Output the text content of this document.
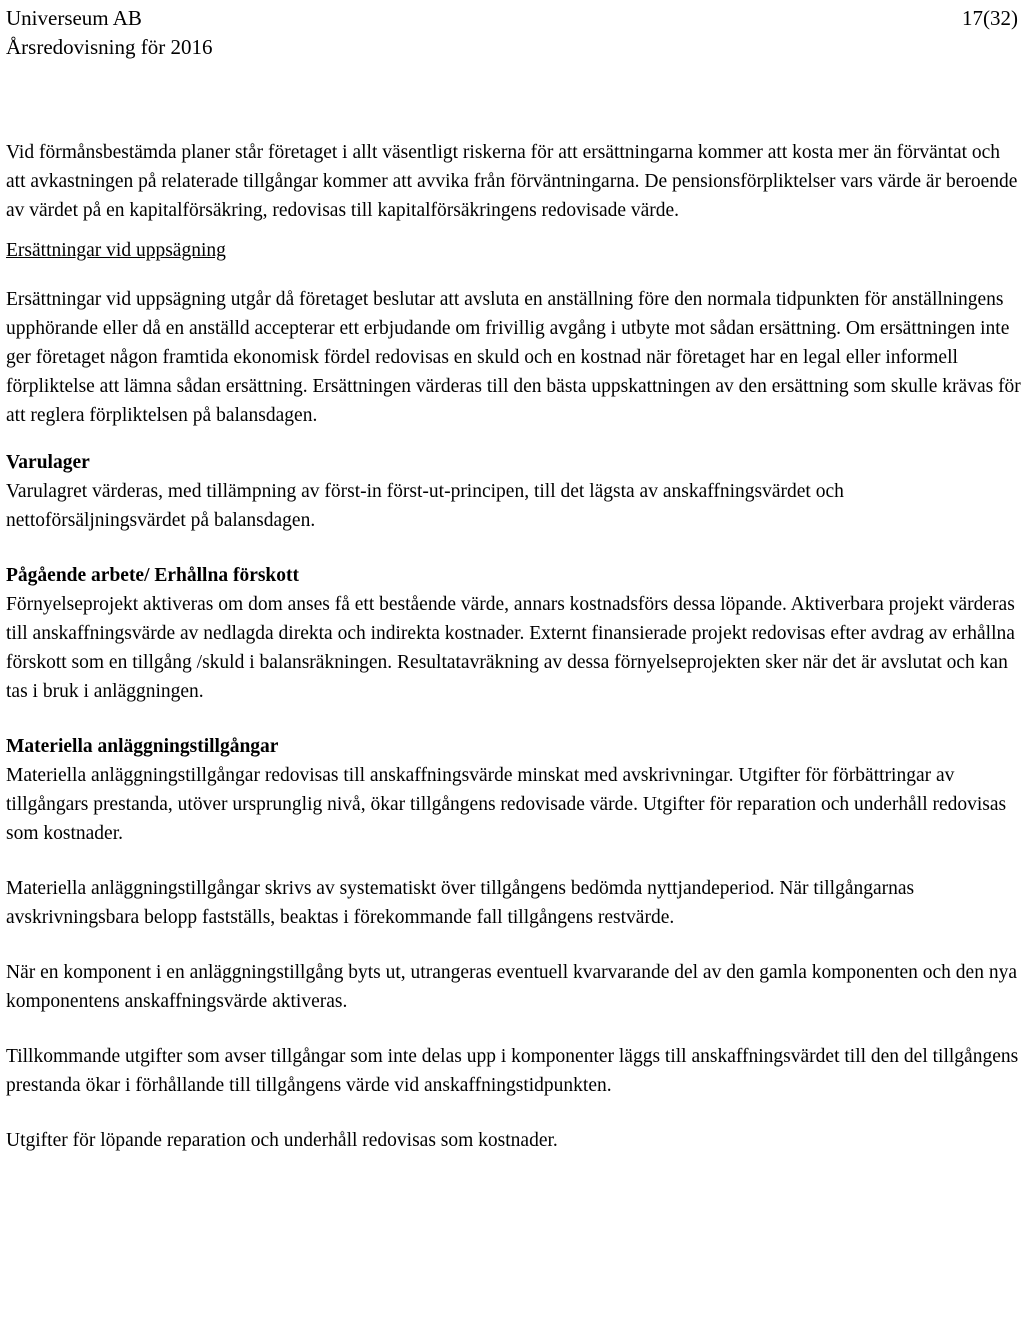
Universeum AB
Årsredovisning för 2016
17(32)

Vid förmånsbestämda planer står företaget i allt väsentligt riskerna för att ersättningarna kommer att kosta mer än förväntat och att avkastningen på relaterade tillgångar kommer att avvika från förväntningarna. De pensionsförpliktelser vars värde är beroende av värdet på en kapitalförsäkring, redovisas till kapitalförsäkringens redovisade värde.

Ersättningar vid uppsägning

Ersättningar vid uppsägning utgår då företaget beslutar att avsluta en anställning före den normala tidpunkten för anställningens upphörande eller då en anställd accepterar ett erbjudande om frivillig avgång i utbyte mot sådan ersättning. Om ersättningen inte ger företaget någon framtida ekonomisk fördel redovisas en skuld och en kostnad när företaget har en legal eller informell förpliktelse att lämna sådan ersättning. Ersättningen värderas till den bästa uppskattningen av den ersättning som skulle krävas för att reglera förpliktelsen på balansdagen.

Varulager

Varulagret värderas, med tillämpning av först-in först-ut-principen, till det lägsta av anskaffningsvärdet och nettoförsäljningsvärdet på balansdagen.

Pågående arbete/ Erhållna förskott

Förnyelseprojekt aktiveras om dom anses få ett bestående värde, annars kostnadsförs dessa löpande. Aktiverbara projekt värderas till anskaffningsvärde av nedlagda direkta och indirekta kostnader. Externt finansierade projekt redovisas efter avdrag av erhållna förskott som en tillgång /skuld i balansräkningen. Resultatavräkning av dessa förnyelseprojekten sker när det är avslutat och kan tas i bruk i anläggningen.

Materiella anläggningstillgångar

Materiella anläggningstillgångar redovisas till anskaffningsvärde minskat med avskrivningar. Utgifter för förbättringar av tillgångars prestanda, utöver ursprunglig nivå, ökar tillgångens redovisade värde. Utgifter för reparation och underhåll redovisas som kostnader.

Materiella anläggningstillgångar skrivs av systematiskt över tillgångens bedömda nyttjandeperiod. När tillgångarnas avskrivningsbara belopp fastställs, beaktas i förekommande fall tillgångens restvärde.

När en komponent i en anläggningstillgång byts ut, utrangeras eventuell kvarvarande del av den gamla komponenten och den nya komponentens anskaffningsvärde aktiveras.

Tillkommande utgifter som avser tillgångar som inte delas upp i komponenter läggs till anskaffningsvärdet till den del tillgångens prestanda ökar i förhållande till tillgångens värde vid anskaffningstidpunkten.

Utgifter för löpande reparation och underhåll redovisas som kostnader.
